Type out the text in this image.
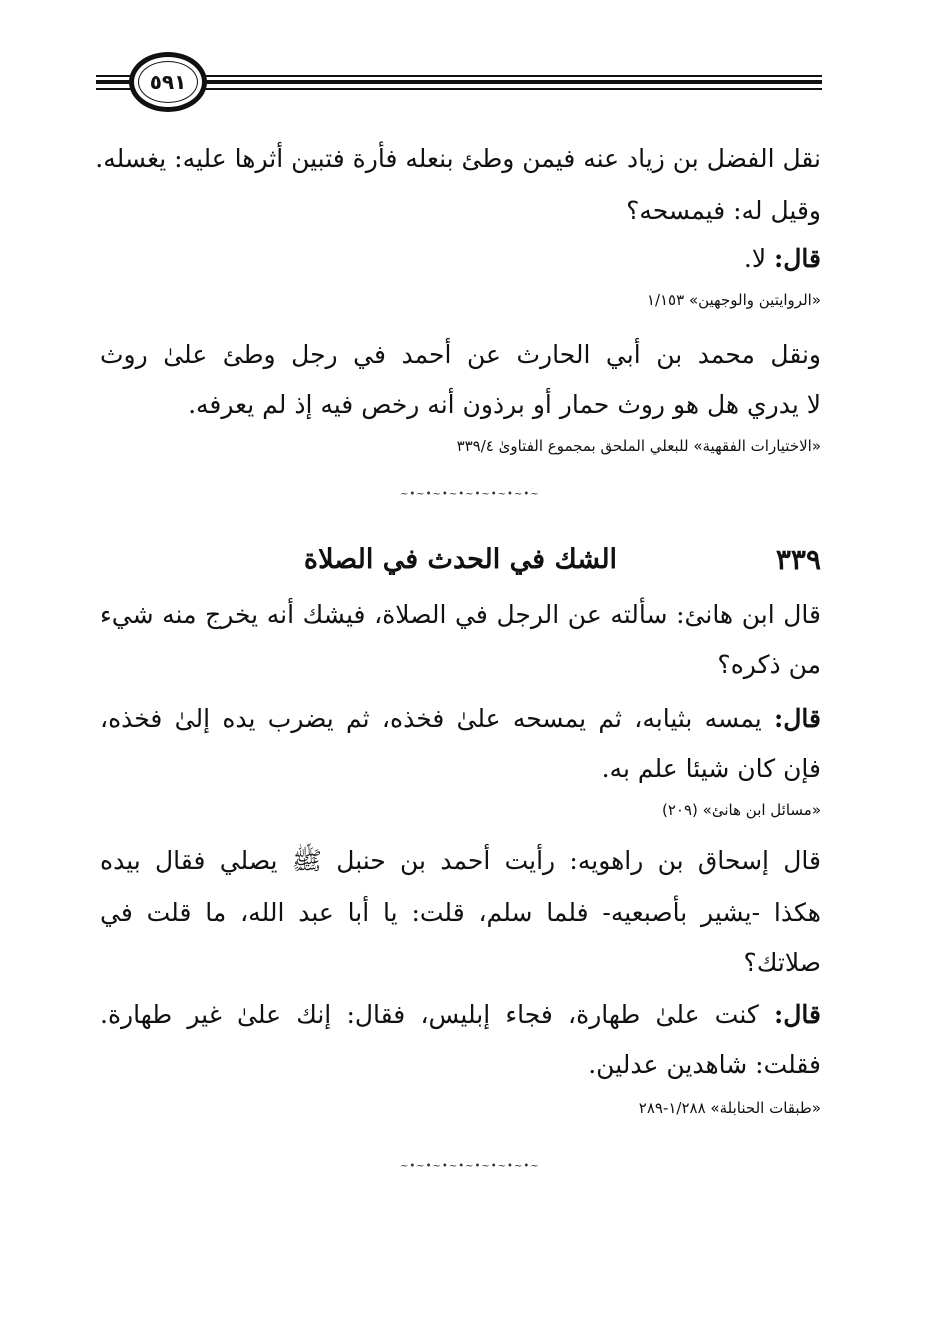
٥٩١
نقل الفضل بن زياد عنه فيمن وطئ بنعله فأرة فتبين أثرها عليه: يغسله.
وقيل له: فيمسحه؟
قال: لا.
«الروايتين والوجهين» ١/١٥٣
ونقل محمد بن أبي الحارث عن أحمد في رجل وطئ علىٰ روث
لا يدري هل هو روث حمار أو برذون أنه رخص فيه إذ لم يعرفه.
«الاختيارات الفقهية» للبعلي الملحق بمجموع الفتاوىٰ ٣٣٩/٤
~•~•~•~•~•~•~•~•~
٣٣٩
الشك في الحدث في الصلاة
قال ابن هانئ: سألته عن الرجل في الصلاة، فيشك أنه يخرج منه شيء
من ذكره؟
قال: يمسه بثيابه، ثم يمسحه علىٰ فخذه، ثم يضرب يده إلىٰ فخذه،
فإن كان شيئا علم به.
«مسائل ابن هانئ» (٢٠٩)
قال إسحاق بن راهويه: رأيت أحمد بن حنبل ﷺ يصلي فقال بيده
هكذا -يشير بأصبعيه- فلما سلم، قلت: يا أبا عبد الله، ما قلت في
صلاتك؟
قال: كنت علىٰ طهارة، فجاء إبليس، فقال: إنك علىٰ غير طهارة.
فقلت: شاهدين عدلين.
«طبقات الحنابلة» ١/٢٨٨-٢٨٩
~•~•~•~•~•~•~•~•~
